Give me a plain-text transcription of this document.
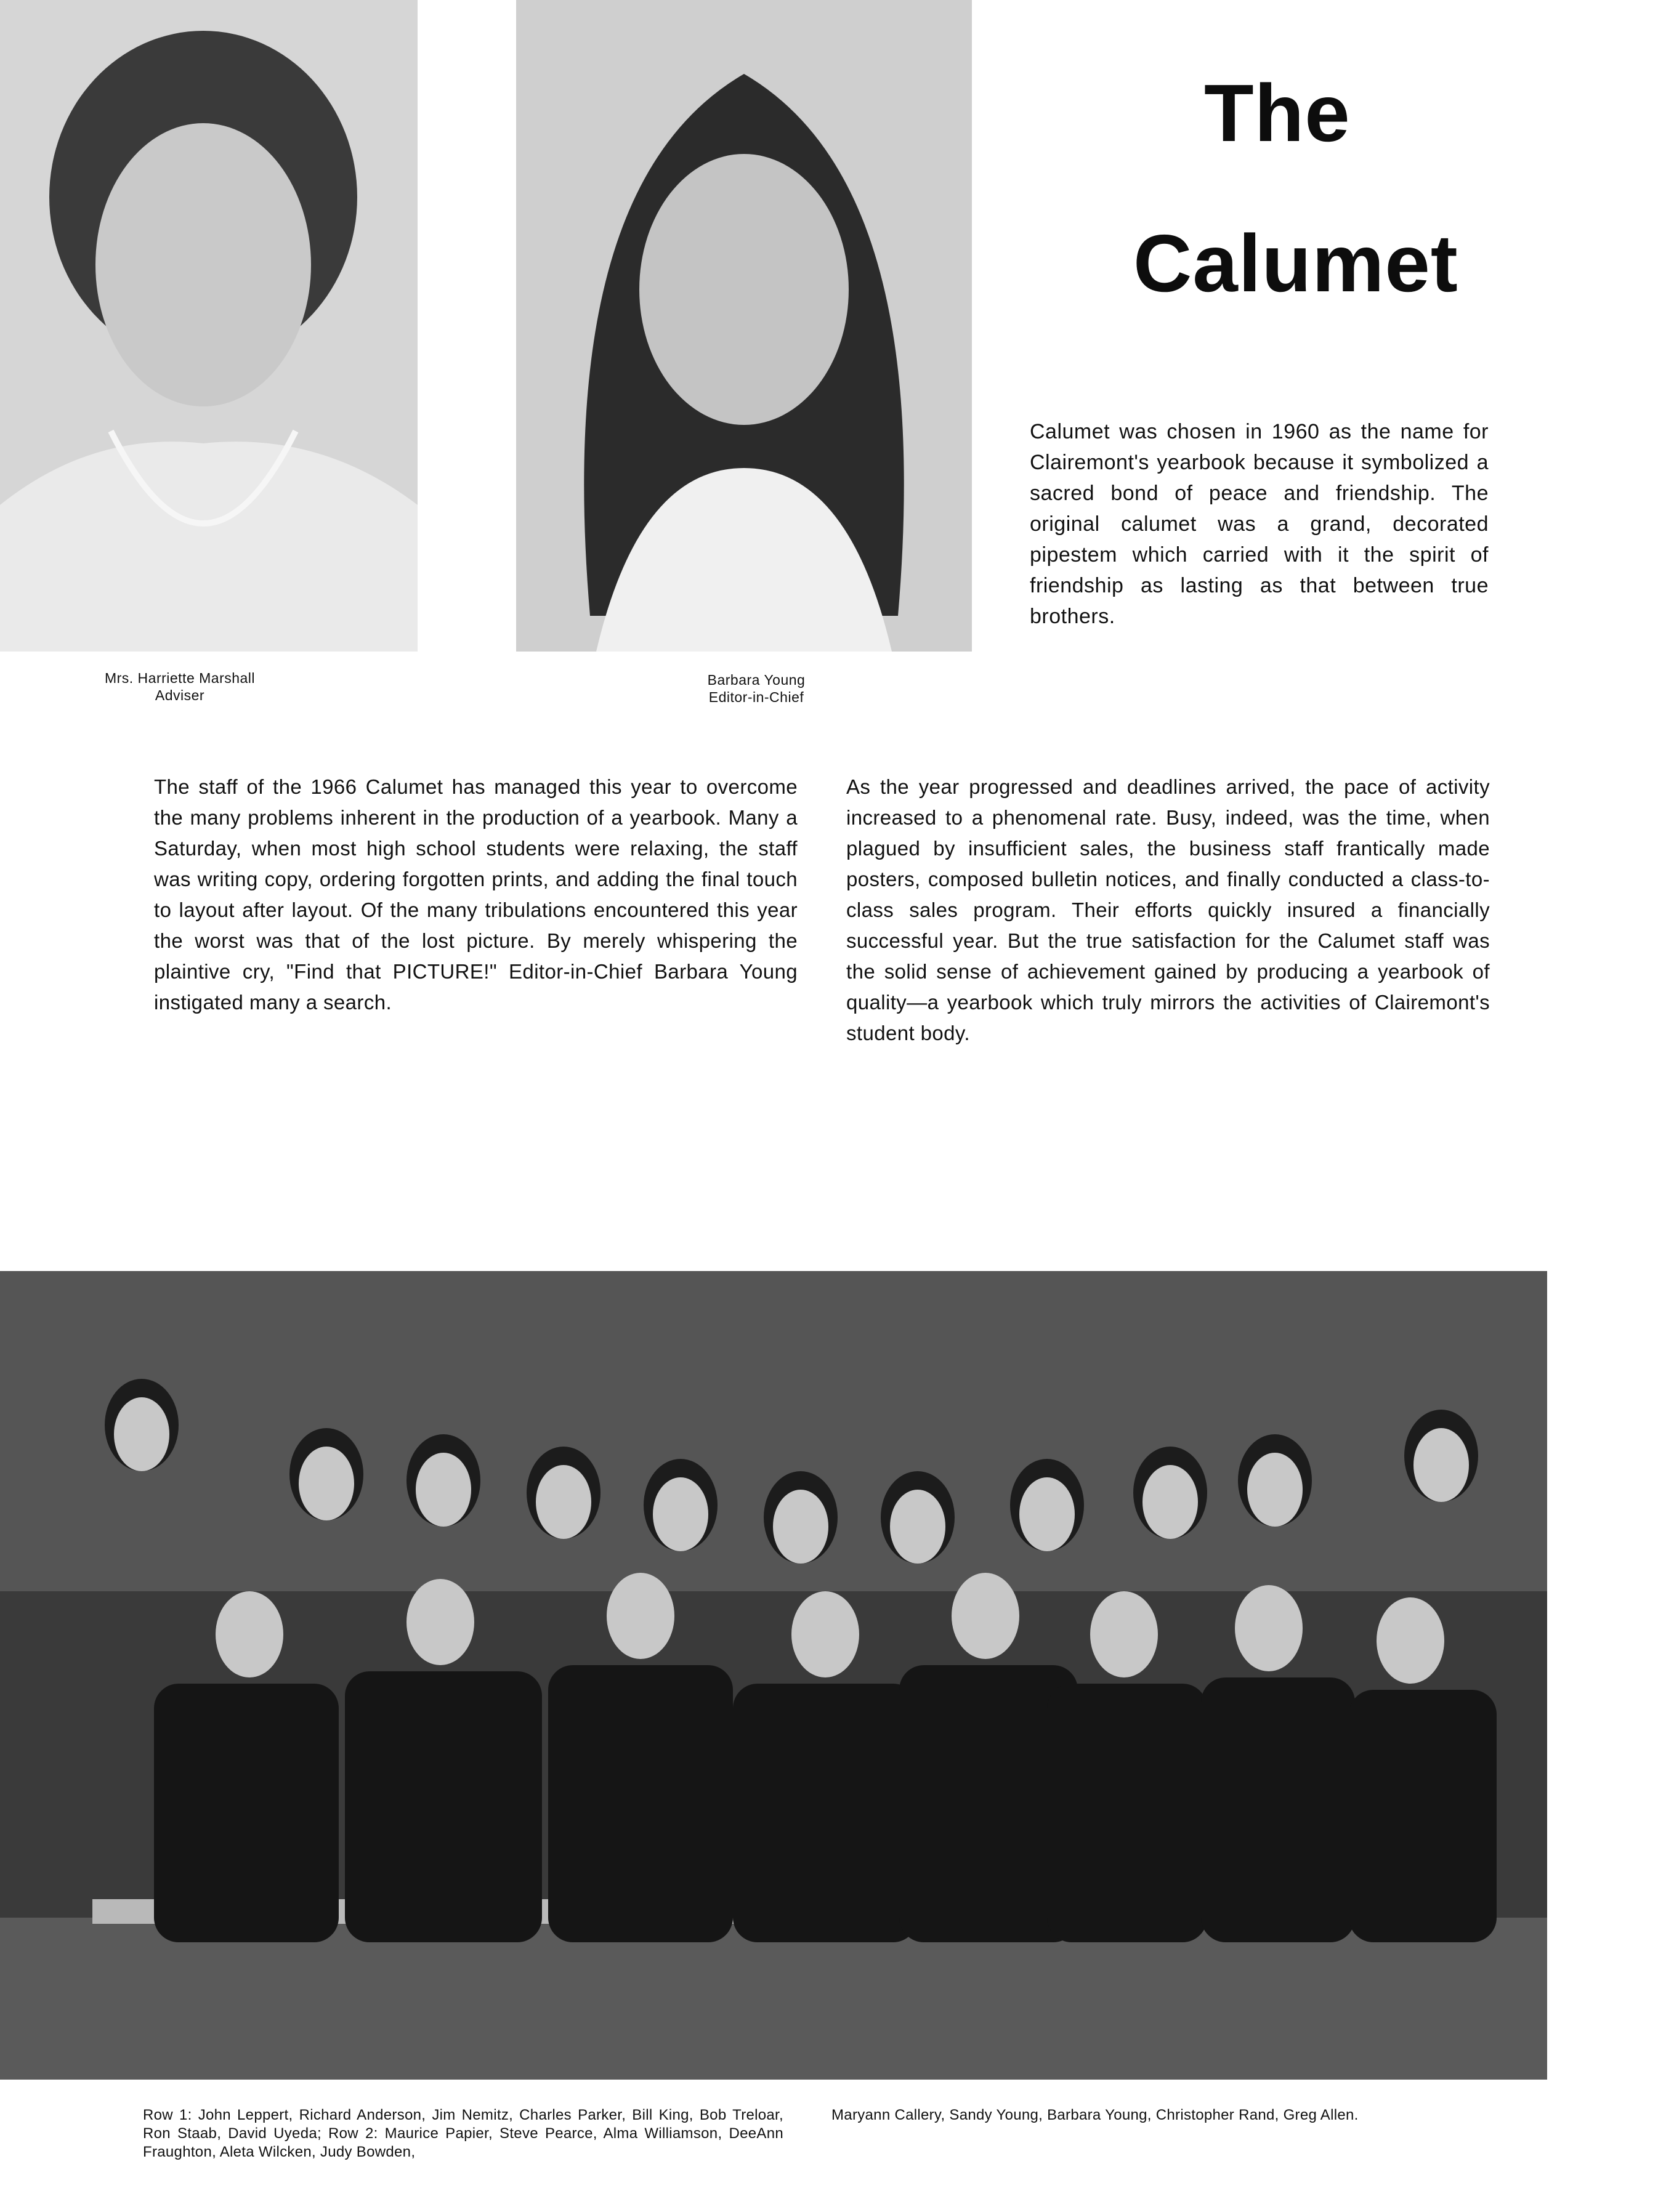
The
Calumet
Calumet was chosen in 1960 as the name for Clairemont's yearbook because it symbolized a sacred bond of peace and friendship. The original calumet was a grand, decorated pipestem which carried with it the spirit of friendship as lasting as that between true brothers.
Mrs. Harriette Marshall
Adviser
Barbara Young
Editor-in-Chief
The staff of the 1966 Calumet has managed this year to overcome the many problems inherent in the production of a yearbook. Many a Saturday, when most high school students were relaxing, the staff was writing copy, ordering forgotten prints, and adding the final touch to layout after layout. Of the many tribulations encountered this year the worst was that of the lost picture. By merely whispering the plaintive cry, "Find that PICTURE!" Editor-in-Chief Barbara Young instigated many a search.
As the year progressed and deadlines arrived, the pace of activity increased to a phenomenal rate. Busy, indeed, was the time, when plagued by insufficient sales, the business staff frantically made posters, composed bulletin notices, and finally conducted a class-to-class sales program. Their efforts quickly insured a financially successful year. But the true satisfaction for the Calumet staff was the solid sense of achievement gained by producing a yearbook of quality—a yearbook which truly mirrors the activities of Clairemont's student body.
Row 1: John Leppert, Richard Anderson, Jim Nemitz, Charles Parker, Bill King, Bob Treloar, Ron Staab, David Uyeda; Row 2: Maurice Papier, Steve Pearce, Alma Williamson, DeeAnn Fraughton, Aleta Wilcken, Judy Bowden,
Maryann Callery, Sandy Young, Barbara Young, Christopher Rand, Greg Allen.
